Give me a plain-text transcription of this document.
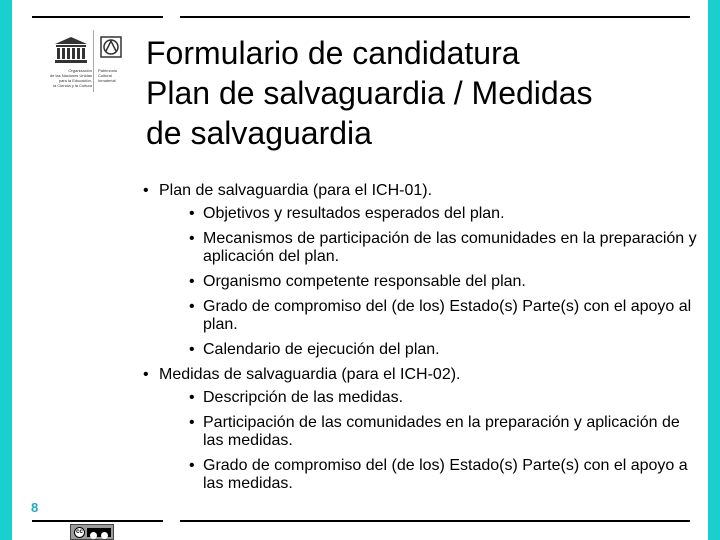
Organización
de las Naciones Unidas
para la Educación,
la Ciencia y la Cultura
Patrimonio
Cultural
Inmaterial
Formulario de candidatura
Plan de salvaguardia / Medidas
de salvaguardia
• Plan de salvaguardia (para el ICH-01).
• Objetivos y resultados esperados del plan.
• Mecanismos de participación de las comunidades en la preparación y aplicación del plan.
• Organismo competente responsable del plan.
• Grado de compromiso del (de los) Estado(s) Parte(s) con el apoyo al plan.
• Calendario de ejecución del plan.
• Medidas de salvaguardia (para el ICH-02).
• Descripción de las medidas.
• Participación de las comunidades en la preparación y aplicación de las medidas.
• Grado de compromiso del (de los) Estado(s) Parte(s) con el apoyo a las medidas.
8
cc
